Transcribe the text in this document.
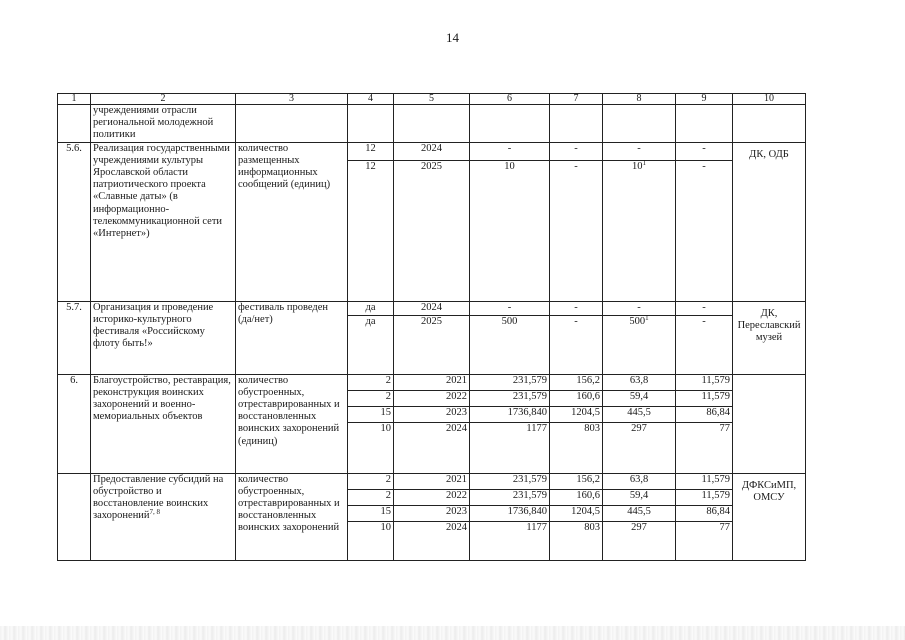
14
1	2	3	4	5	6	7	8	9	10
	учреждениями отрасли региональной молодежной политики								
5.6.	Реализация государственными учреждениями культуры Ярославской области патриотического проекта «Славные даты» (в информационно-телекоммуникационной сети «Интернет»)	количество размещенных информационных сообщений (единиц)	12	2024	-	-	-	-	ДК, ОДБ
			12	2025	10	-	$10^1$	-	
5.7.	Организация и проведение историко-культурного фестиваля «Российскому флоту быть!»	фестиваль проведен (да/нет)	да	2024	-	-	-	-	ДК, Переславский музей
			да	2025	500	-	$500^1$	-	
6.	Благоустройство, реставрация, реконструкция воинских захоронений и военно-мемориальных объектов	количество обустроенных, отреставрированных и восстановленных воинских захоронений (единиц)	2	2021	231,579	156,2	63,8	11,579	
			2	2022	231,579	160,6	59,4	11,579	
			15	2023	1736,840	1204,5	445,5	86,84	
			10	2024	1177	803	297	77	
	Предоставление субсидий на обустройство и восстановление воинских захоронений$^{7, 8}$	количество обустроенных, отреставрированных и восстановленных воинских захоронений	2	2021	231,579	156,2	63,8	11,579	ДФКСиМП, ОМСУ
			2	2022	231,579	160,6	59,4	11,579	
			15	2023	1736,840	1204,5	445,5	86,84	
			10	2024	1177	803	297	77	
